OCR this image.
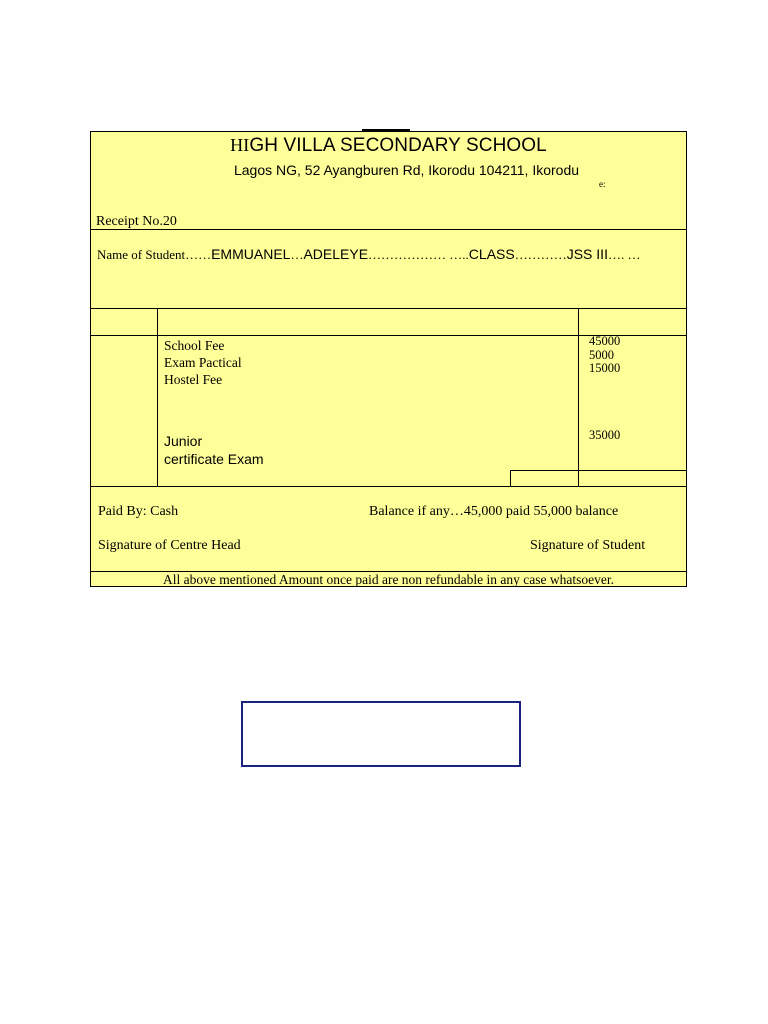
HIGH VILLA SECONDARY SCHOOL
Lagos NG, 52 Ayangburen Rd, Ikorodu 104211, Ikorodu
e:
Receipt No.20
Name of Student……EMMUANEL…ADELEYE……………… …..CLASS…………JSS III…. …
School Fee
Exam Pactical
Hostel Fee
Junior
certificate Exam
45000
5000
15000
35000
Paid By: Cash	Balance if any…45,000 paid 55,000 balance
Signature of Centre Head	Signature of Student
All above mentioned Amount once paid are non refundable in any case whatsoever.
